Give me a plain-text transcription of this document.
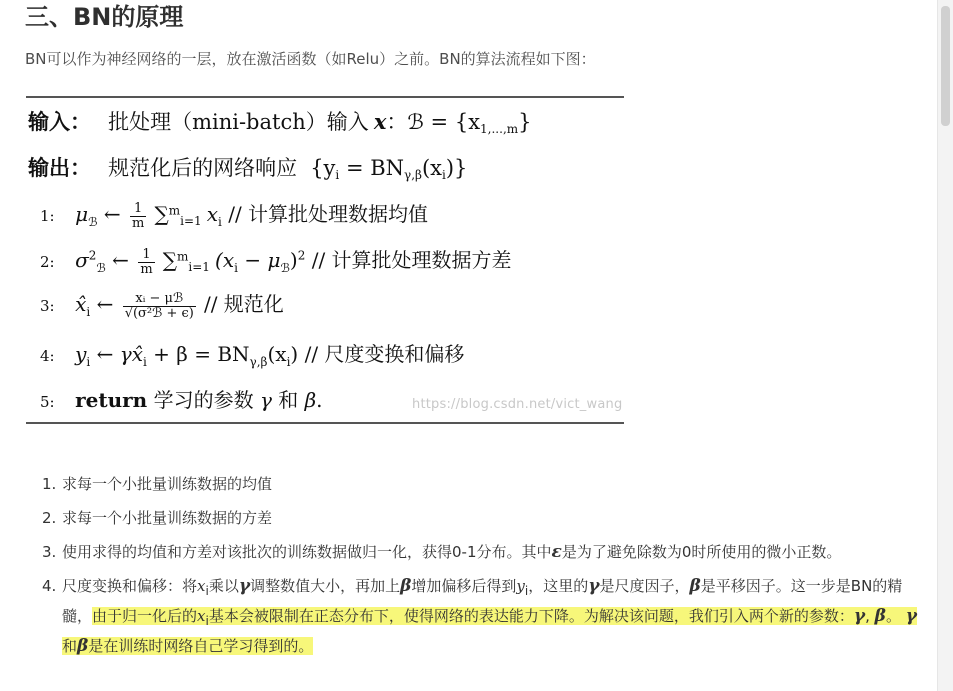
三、BN的原理

BN可以作为神经网络的一层，放在激活函数（如Relu）之前。BN的算法流程如下图：

输入： 批处理（mini-batch）输入 x：ℬ = $\{x_{1,...,m}\}$
输出： 规范化后的网络响应 $\{y_i = BN_{\gamma,\beta}(x_i)\}$
1: $\mu_ℬ$ ← $\frac{1}{m} \sum^m_{i=1}$ $x_i$ // 计算批处理数据均值
2: $\sigma^2_ℬ$ ← $\frac{1}{m} \sum^m_{i=1}$ $(x_i - \mu_ℬ)^2$ // 计算批处理数据方差
3: $x̂_i$ ← $\frac{\text{xᵢ − μℬ}}{\text{√(σ²ℬ + ϵ)}}$ // 规范化
4: $y_i$ ← $\gamma x̂_i + \beta = BN_{\gamma,\beta}(x_i)$ // 尺度变换和偏移
5: return 学习的参数 γ 和 β.	https://blog.csdn.net/vict_wang
1. 求每一个小批量训练数据的均值
2. 求每一个小批量训练数据的方差
3. 使用求得的均值和方差对该批次的训练数据做归一化，获得0-1分布。其中ε是为了避免除数为0时所使用的微小正数。
4. 尺度变换和偏移：将$x_i$乘以γ调整数值大小，再加上β增加偏移后得到$y_i$，这里的γ是尺度因子，β是平移因子。这一步是BN的精髓，由于归一化后的$x_i$基本会被限制在正态分布下，使得网络的表达能力下降。为解决该问题，我们引入两个新的参数：γ, β。 γ和β是在训练时网络自己学习得到的。
